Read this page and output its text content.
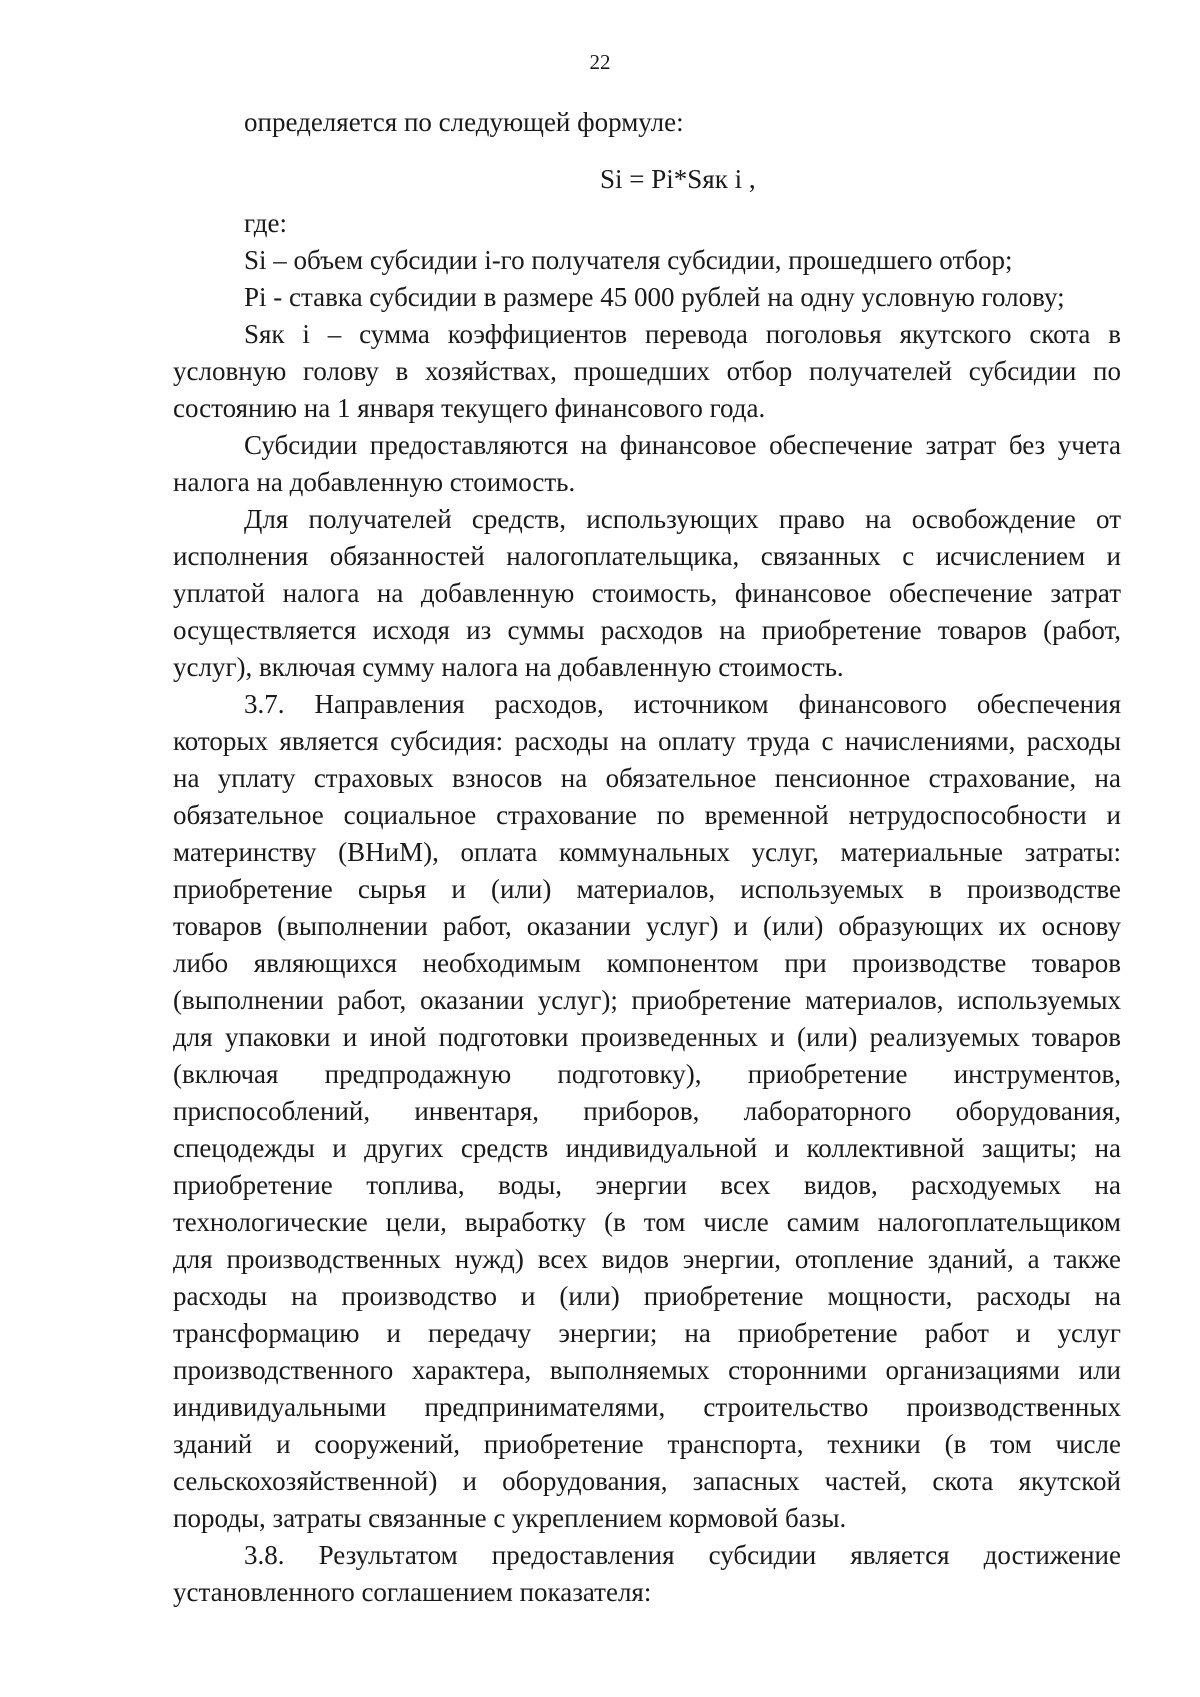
22
определяется по следующей формуле:
Si = Pi*Sяк i ,
где:
Si – объем субсидии i-го получателя субсидии, прошедшего отбор;
Pi - ставка субсидии в размере 45 000 рублей на одну условную голову;
Sяк i – сумма коэффициентов перевода поголовья якутского скота в
условную голову в хозяйствах, прошедших отбор получателей субсидии по
состоянию на 1 января текущего финансового года.
Субсидии предоставляются на финансовое обеспечение затрат без учета
налога на добавленную стоимость.
Для получателей средств, использующих право на освобождение от
исполнения обязанностей налогоплательщика, связанных с исчислением и
уплатой налога на добавленную стоимость, финансовое обеспечение затрат
осуществляется исходя из суммы расходов на приобретение товаров (работ,
услуг), включая сумму налога на добавленную стоимость.
3.7. Направления расходов, источником финансового обеспечения
которых является субсидия: расходы на оплату труда с начислениями, расходы
на уплату страховых взносов на обязательное пенсионное страхование, на
обязательное социальное страхование по временной нетрудоспособности и
материнству (ВНиМ), оплата коммунальных услуг, материальные затраты:
приобретение сырья и (или) материалов, используемых в производстве
товаров (выполнении работ, оказании услуг) и (или) образующих их основу
либо являющихся необходимым компонентом при производстве товаров
(выполнении работ, оказании услуг); приобретение материалов, используемых
для упаковки и иной подготовки произведенных и (или) реализуемых товаров
(включая предпродажную подготовку), приобретение инструментов,
приспособлений, инвентаря, приборов, лабораторного оборудования,
спецодежды и других средств индивидуальной и коллективной защиты; на
приобретение топлива, воды, энергии всех видов, расходуемых на
технологические цели, выработку (в том числе самим налогоплательщиком
для производственных нужд) всех видов энергии, отопление зданий, а также
расходы на производство и (или) приобретение мощности, расходы на
трансформацию и передачу энергии; на приобретение работ и услуг
производственного характера, выполняемых сторонними организациями или
индивидуальными предпринимателями, строительство производственных
зданий и сооружений, приобретение транспорта, техники (в том числе
сельскохозяйственной) и оборудования, запасных частей, скота якутской
породы, затраты связанные с укреплением кормовой базы.
3.8. Результатом предоставления субсидии является достижение
установленного соглашением показателя:
